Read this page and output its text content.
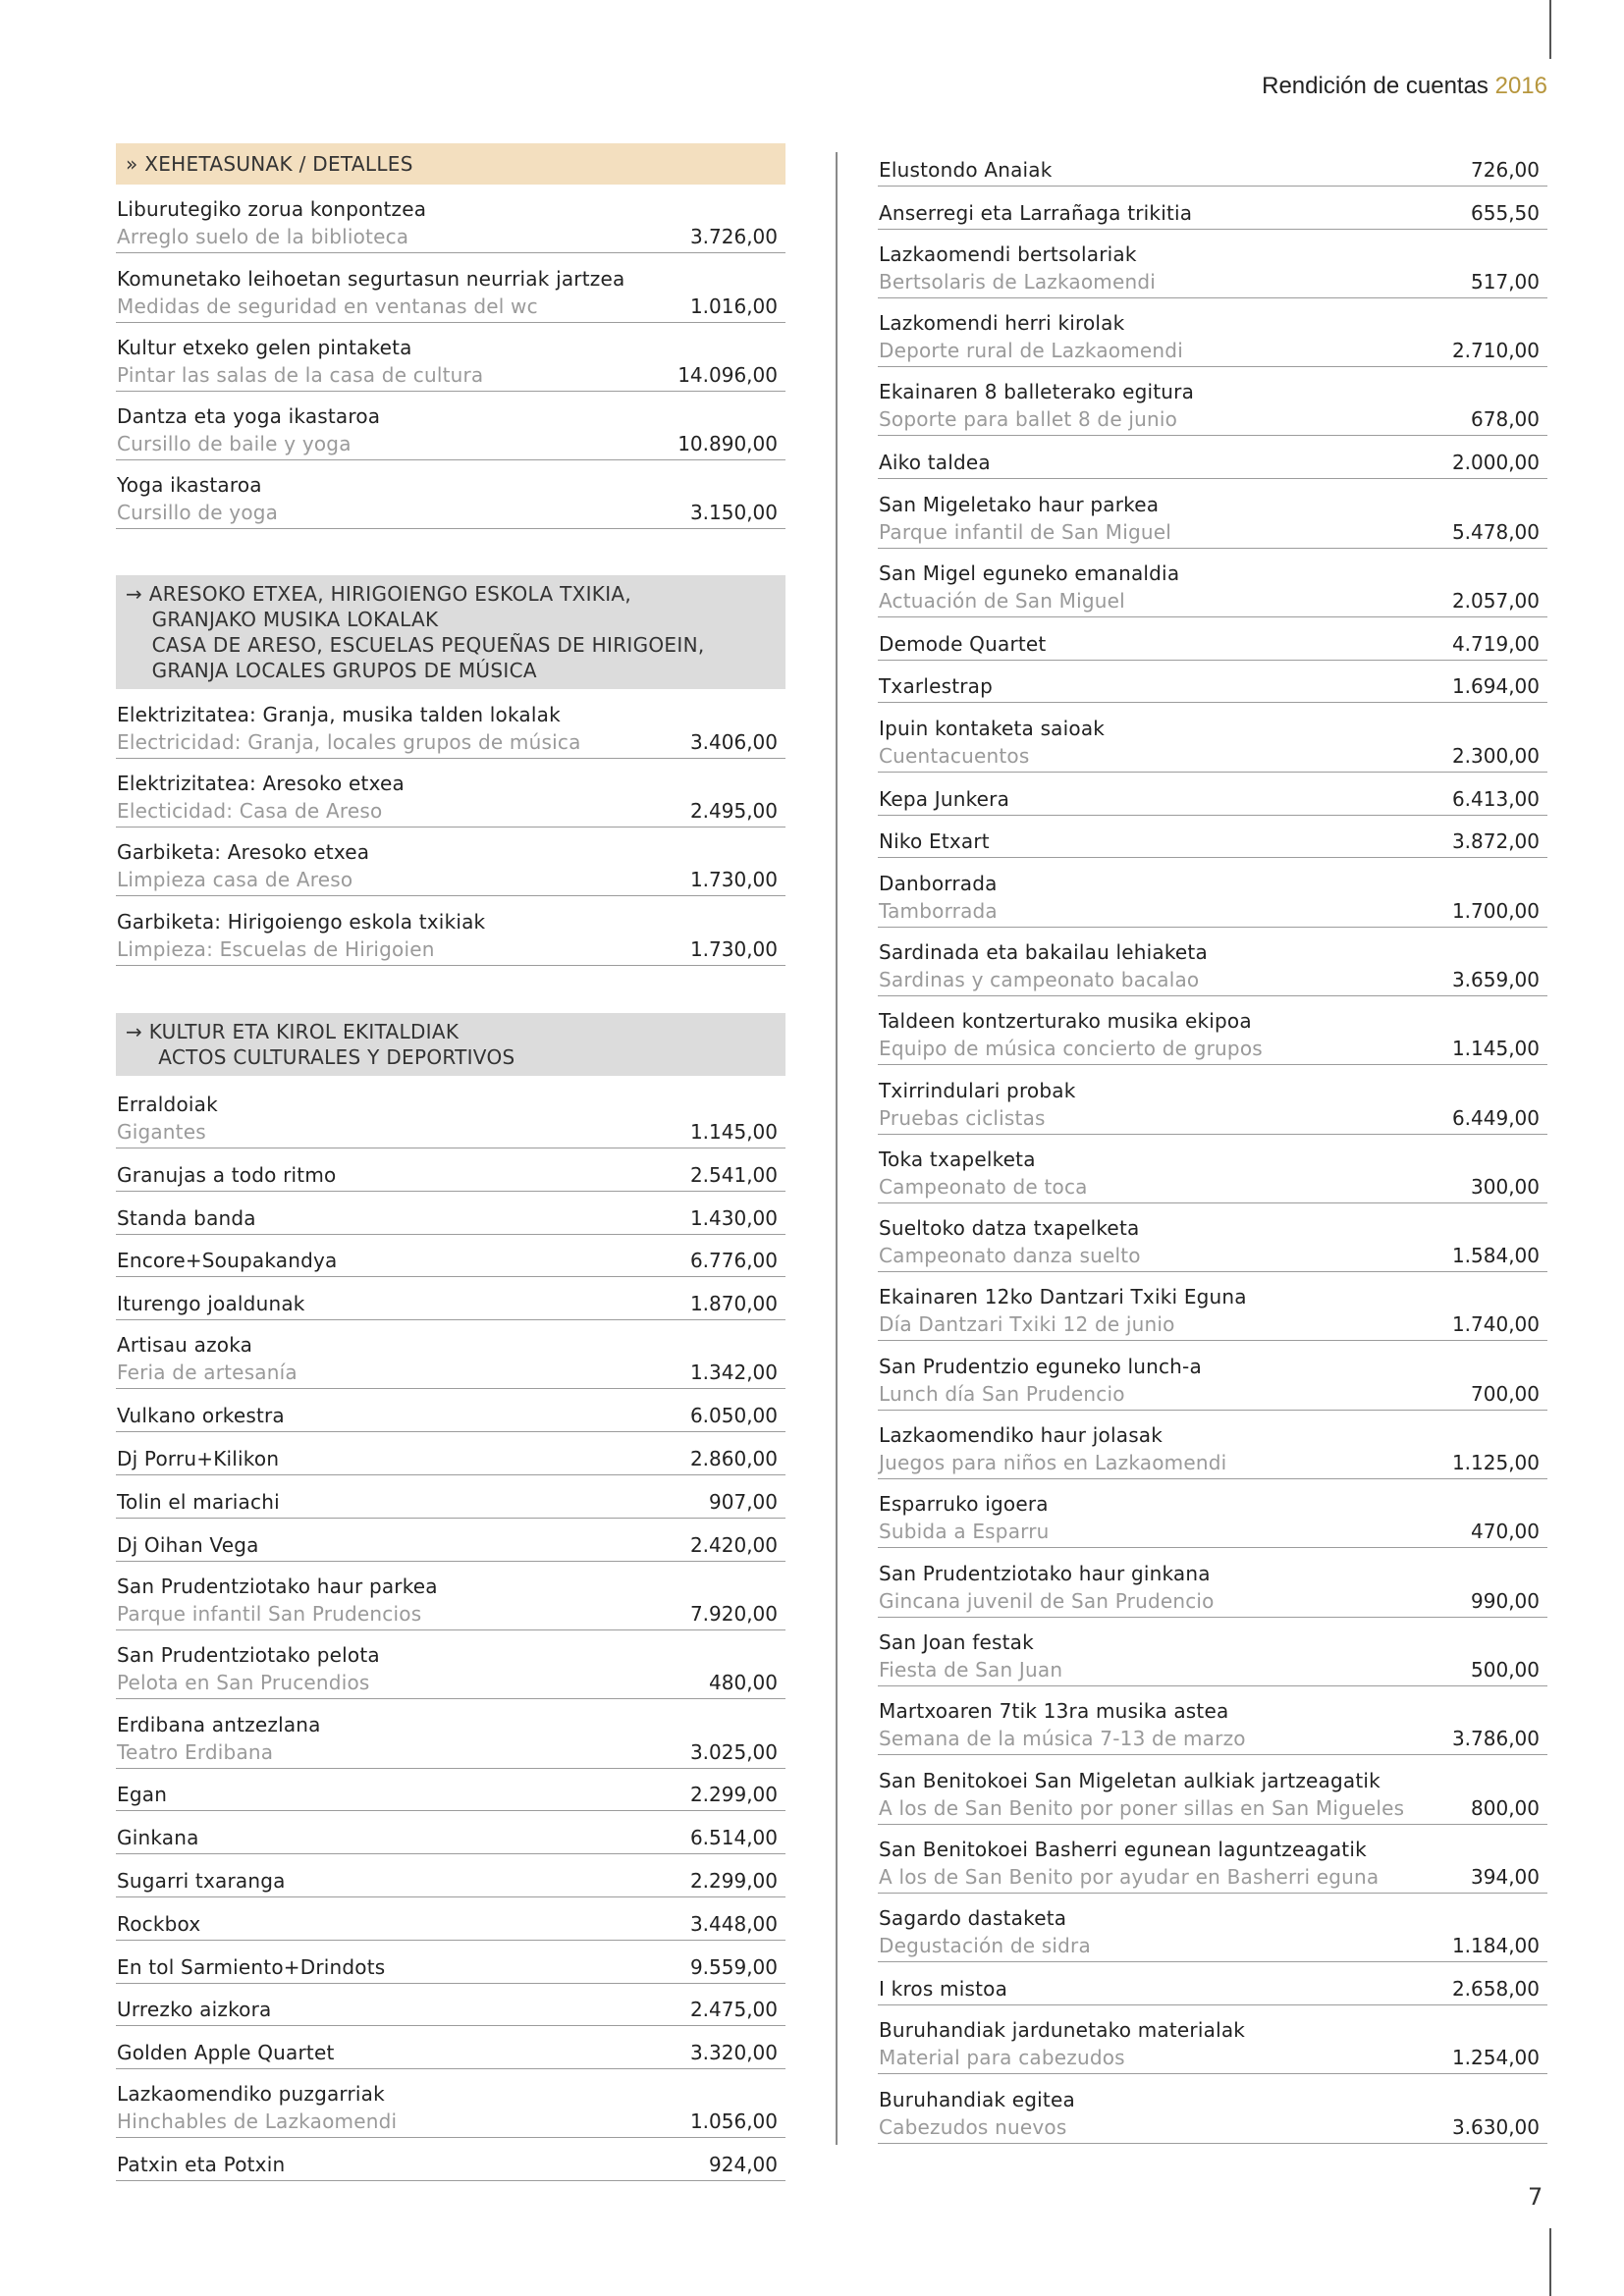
Rendición de cuentas 2016
» XEHETASUNAK / DETALLES
Liburutegiko zorua konpontzea
Arreglo suelo de la biblioteca	3.726,00
Komunetako leihoetan segurtasun neurriak jartzea
Medidas de seguridad en ventanas del wc	1.016,00
Kultur etxeko gelen pintaketa
Pintar las salas de la casa de cultura	14.096,00
Dantza eta yoga ikastaroa
Cursillo de baile y yoga	10.890,00
Yoga ikastaroa
Cursillo de yoga	3.150,00
→ ARESOKO ETXEA, HIRIGOIENGO ESKOLA TXIKIA,
GRANJAKO MUSIKA LOKALAK
CASA DE ARESO, ESCUELAS PEQUEÑAS DE HIRIGOEIN,
GRANJA LOCALES GRUPOS DE MÚSICA
Elektrizitatea: Granja, musika talden lokalak
Electricidad: Granja, locales grupos de música	3.406,00
Elektrizitatea: Aresoko etxea
Electicidad: Casa de Areso	2.495,00
Garbiketa: Aresoko etxea
Limpieza casa de Areso	1.730,00
Garbiketa: Hirigoiengo eskola txikiak
Limpieza: Escuelas de Hirigoien	1.730,00
→ KULTUR ETA KIROL EKITALDIAK
ACTOS CULTURALES Y DEPORTIVOS
Erraldoiak
Gigantes	1.145,00
Granujas a todo ritmo	2.541,00
Standa banda	1.430,00
Encore+Soupakandya	6.776,00
Iturengo joaldunak	1.870,00
Artisau azoka
Feria de artesanía	1.342,00
Vulkano orkestra	6.050,00
Dj Porru+Kilikon	2.860,00
Tolin el mariachi	907,00
Dj Oihan Vega	2.420,00
San Prudentziotako haur parkea
Parque infantil San Prudencios	7.920,00
San Prudentziotako pelota
Pelota en San Prucendios	480,00
Erdibana antzezlana
Teatro Erdibana	3.025,00
Egan	2.299,00
Ginkana	6.514,00
Sugarri txaranga	2.299,00
Rockbox	3.448,00
En tol Sarmiento+Drindots	9.559,00
Urrezko aizkora	2.475,00
Golden Apple Quartet	3.320,00
Lazkaomendiko puzgarriak
Hinchables de Lazkaomendi	1.056,00
Patxin eta Potxin	924,00
Elustondo Anaiak	726,00
Anserregi eta Larrañaga trikitia	655,50
Lazkaomendi bertsolariak
Bertsolaris de Lazkaomendi	517,00
Lazkomendi herri kirolak
Deporte rural de Lazkaomendi	2.710,00
Ekainaren 8 balleterako egitura
Soporte para ballet 8 de junio	678,00
Aiko taldea	2.000,00
San Migeletako haur parkea
Parque infantil de San Miguel	5.478,00
San Migel eguneko emanaldia
Actuación de San Miguel	2.057,00
Demode Quartet	4.719,00
Txarlestrap	1.694,00
Ipuin kontaketa saioak
Cuentacuentos	2.300,00
Kepa Junkera	6.413,00
Niko Etxart	3.872,00
Danborrada
Tamborrada	1.700,00
Sardinada eta bakailau lehiaketa
Sardinas y campeonato bacalao	3.659,00
Taldeen kontzerturako musika ekipoa
Equipo de música concierto de grupos	1.145,00
Txirrindulari probak
Pruebas ciclistas	6.449,00
Toka txapelketa
Campeonato de toca	300,00
Sueltoko datza txapelketa
Campeonato danza suelto	1.584,00
Ekainaren 12ko Dantzari Txiki Eguna
Día Dantzari Txiki 12 de junio	1.740,00
San Prudentzio eguneko lunch-a
Lunch día San Prudencio	700,00
Lazkaomendiko haur jolasak
Juegos para niños en Lazkaomendi	1.125,00
Esparruko igoera
Subida a Esparru	470,00
San Prudentziotako haur ginkana
Gincana juvenil de San Prudencio	990,00
San Joan festak
Fiesta de San Juan	500,00
Martxoaren 7tik 13ra musika astea
Semana de la música 7-13 de marzo	3.786,00
San Benitokoei San Migeletan aulkiak jartzeagatik
A los de San Benito por poner sillas en San Migueles	800,00
San Benitokoei Basherri egunean laguntzeagatik
A los de San Benito por ayudar en Basherri eguna	394,00
Sagardo dastaketa
Degustación de sidra	1.184,00
I kros mistoa	2.658,00
Buruhandiak jardunetako materialak
Material para cabezudos	1.254,00
Buruhandiak egitea
Cabezudos nuevos	3.630,00
7
